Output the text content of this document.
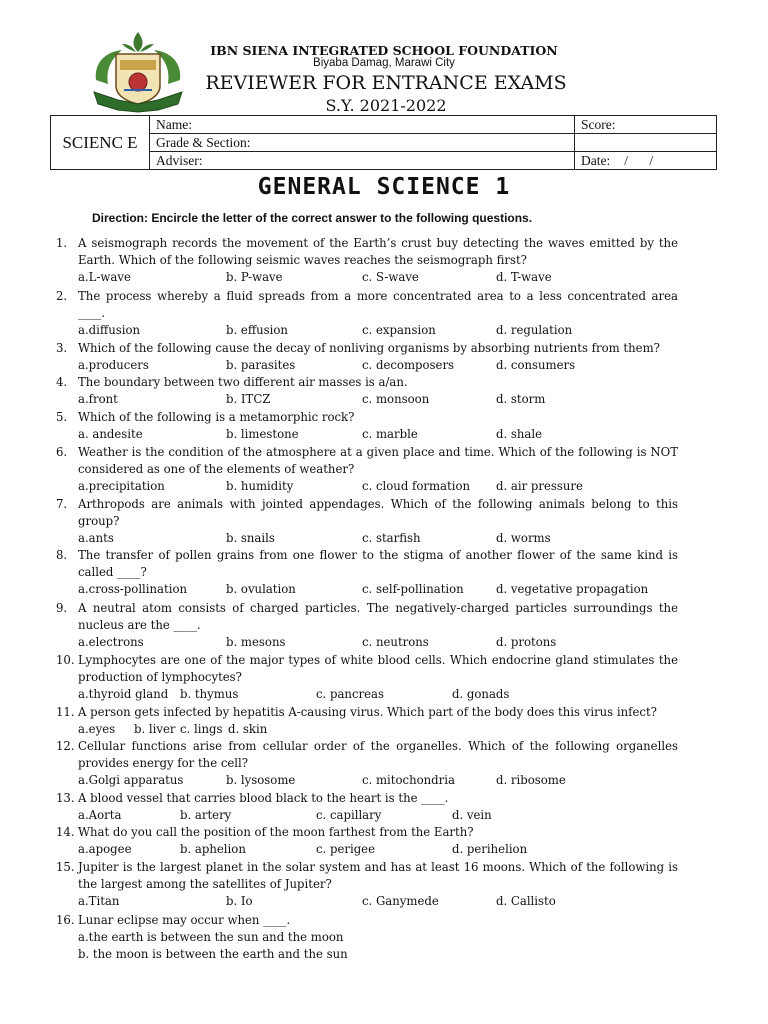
IBN SIENA INTEGRATED SCHOOL FOUNDATION
Biyaba Damag, Marawi City
REVIEWER FOR ENTRANCE EXAMS
S.Y. 2021-2022
SCIENC E	Name:	Score:
	Grade & Section:	
	Adviser:	Date: / /
GENERAL SCIENCE 1
Direction: Encircle the letter of the correct answer to the following questions.
1. A seismograph records the movement of the Earth’s crust buy detecting the waves emitted by the Earth. Which of the following seismic waves reaches the seismograph first?
a.L-wave	b. P-wave	c. S-wave	d. T-wave
2. The process whereby a fluid spreads from a more concentrated area to a less concentrated area ____.
a.diffusion	b. effusion	c. expansion	d. regulation
3. Which of the following cause the decay of nonliving organisms by absorbing nutrients from them?
a.producers	b. parasites	c. decomposers	d. consumers
4. The boundary between two different air masses is a/an.
a.front	b. ITCZ	c. monsoon	d. storm
5. Which of the following is a metamorphic rock?
a. andesite	b. limestone	c. marble	d. shale
6. Weather is the condition of the atmosphere at a given place and time. Which of the following is NOT considered as one of the elements of weather?
a.precipitation	b. humidity	c. cloud formation d. air pressure
7. Arthropods are animals with jointed appendages. Which of the following animals belong to this group?
a.ants	b. snails	c. starfish	d. worms
8. The transfer of pollen grains from one flower to the stigma of another flower of the same kind is called ____?
a.cross-pollination	b. ovulation	c. self-pollination	d. vegetative propagation
9. A neutral atom consists of charged particles. The negatively-charged particles surroundings the nucleus are the ____.
a.electrons	b. mesons	c. neutrons	d. protons
10. Lymphocytes are one of the major types of white blood cells. Which endocrine gland stimulates the production of lymphocytes?
a.thyroid gland b. thymus	c. pancreas	d. gonads
11. A person gets infected by hepatitis A-causing virus. Which part of the body does this virus infect?
a.eyes b. liver c. lings d. skin
12. Cellular functions arise from cellular order of the organelles. Which of the following organelles provides energy for the cell?
a.Golgi apparatus	b. lysosome	c. mitochondria	d. ribosome
13. A blood vessel that carries blood black to the heart is the ____.
a.Aorta	b. artery	c. capillary	d. vein
14. What do you call the position of the moon farthest from the Earth?
a.apogee	b. aphelion	c. perigee	d. perihelion
15. Jupiter is the largest planet in the solar system and has at least 16 moons. Which of the following is the largest among the satellites of Jupiter?
a.Titan	b. Io	c. Ganymede	d. Callisto
16. Lunar eclipse may occur when ____.
a.the earth is between the sun and the moon
b. the moon is between the earth and the sun
